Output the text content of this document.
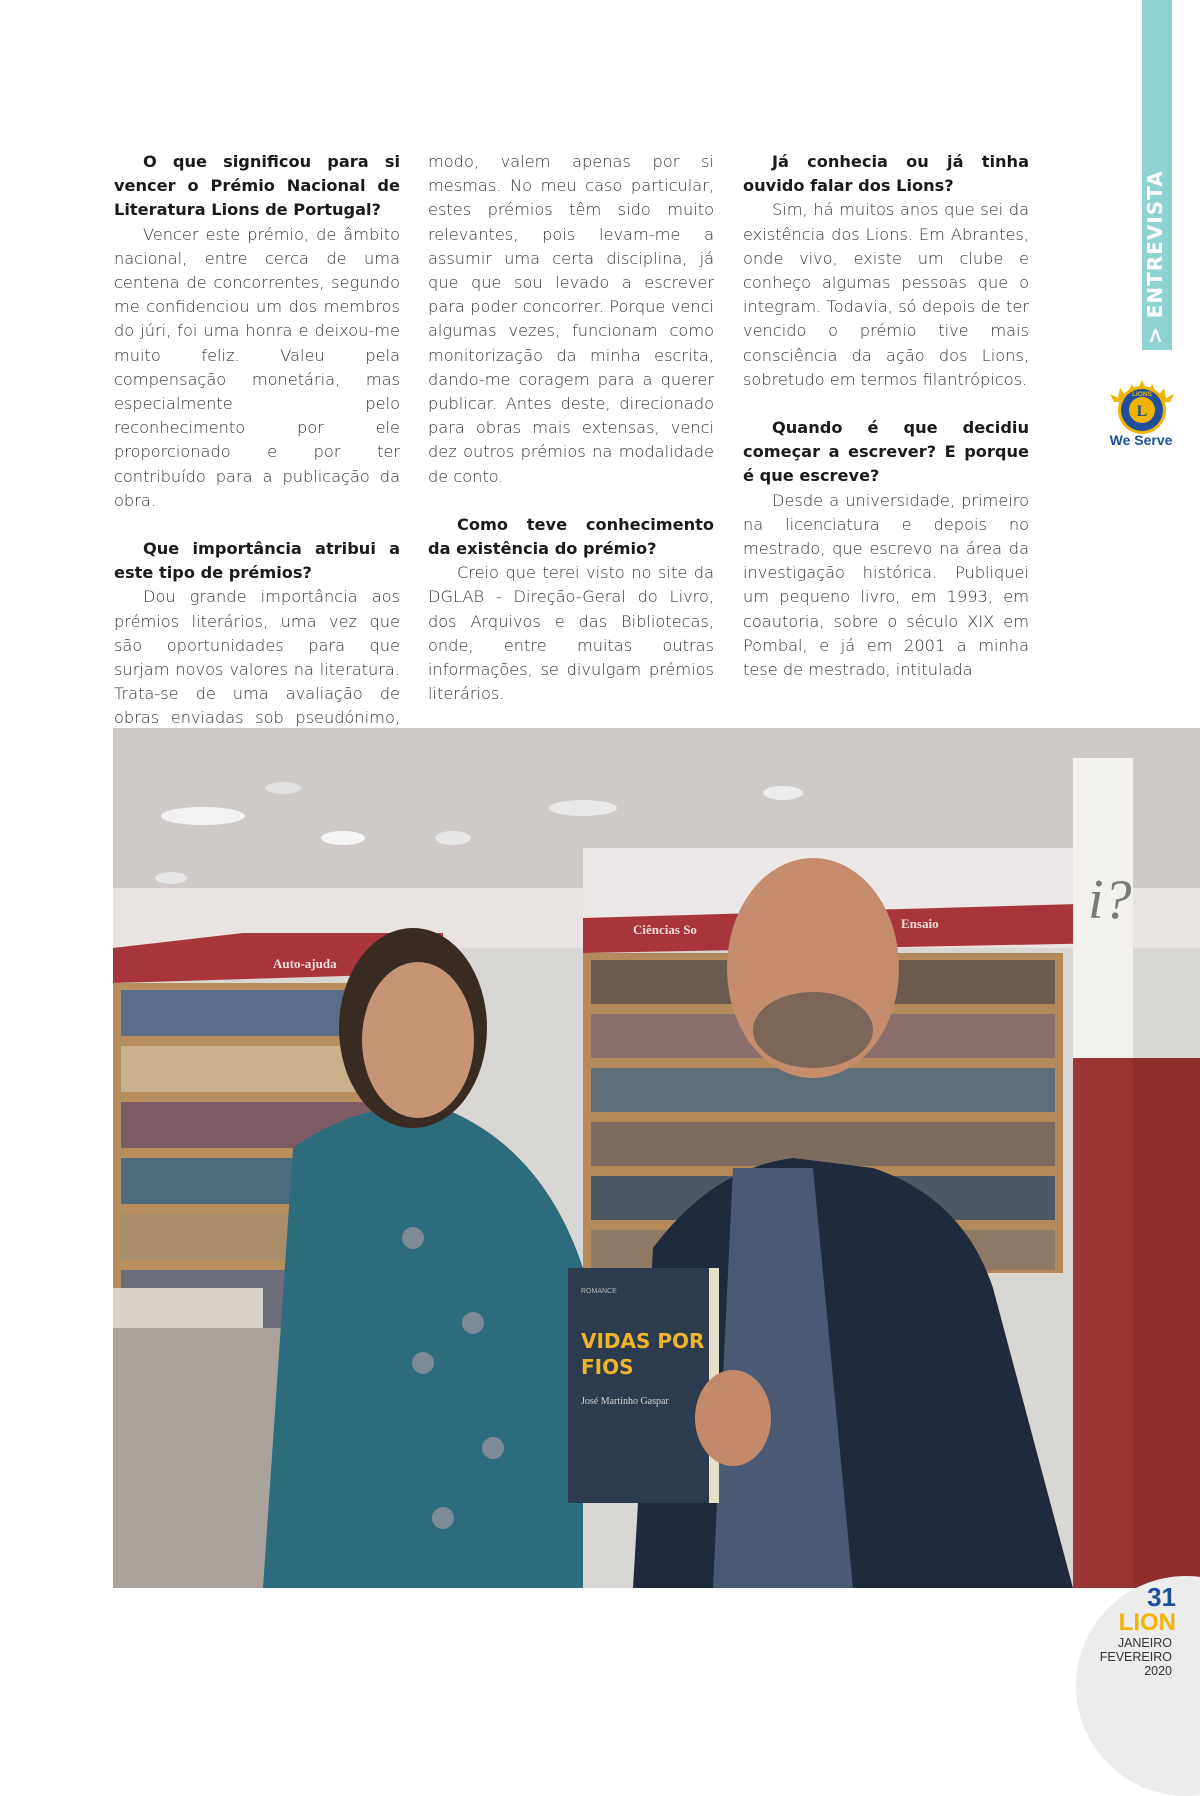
> ENTREVISTA
L
LIONS
We Serve
O que significou para si vencer o Prémio Nacional de Literatura Lions de Portugal?

Vencer este prémio, de âmbito nacional, entre cerca de uma centena de concorrentes, segundo me confidenciou um dos membros do júri, foi uma honra e deixou-me muito feliz. Valeu pela compensação monetária, mas especialmente pelo reconhecimento por ele proporcionado e por ter contribuído para a publicação da obra.

Que importância atribui a este tipo de prémios?

Dou grande importância aos prémios literários, uma vez que são oportunidades para que surjam novos valores na literatura. Trata-se de uma avaliação de obras enviadas sob pseudónimo,

modo, valem apenas por si mesmas. No meu caso particular, estes prémios têm sido muito relevantes, pois levam-me a assumir uma certa disciplina, já que que sou levado a escrever para poder concorrer. Porque venci algumas vezes, funcionam como monitorização da minha escrita, dando-me coragem para a querer publicar. Antes deste, direcionado para obras mais extensas, venci dez outros prémios na modalidade de conto.

Como teve conhecimento da existência do prémio?

Creio que terei visto no site da DGLAB - Direção-Geral do Livro, dos Arquivos e das Bibliotecas, onde, entre muitas outras informações, se divulgam prémios literários.

Já conhecia ou já tinha ouvido falar dos Lions?

Sim, há muitos anos que sei da existência dos Lions. Em Abrantes, onde vivo, existe um clube e conheço algumas pessoas que o integram. Todavia, só depois de ter vencido o prémio tive mais consciência da ação dos Lions, sobretudo em termos filantrópicos.

Quando é que decidiu começar a escrever? E porque é que escreve?

Desde a universidade, primeiro na licenciatura e depois no mestrado, que escrevo na área da investigação histórica. Publiquei um pequeno livro, em 1993, em coautoria, sobre o século XIX em Pombal, e já em 2001 a minha tese de mestrado, intitulada

Auto-ajuda
Ciências So	Ensaio	i?
ROMANCE
VIDAS POR
FIOS
José Martinho Gaspar
31
LION
JANEIRO
FEVEREIRO
2020
